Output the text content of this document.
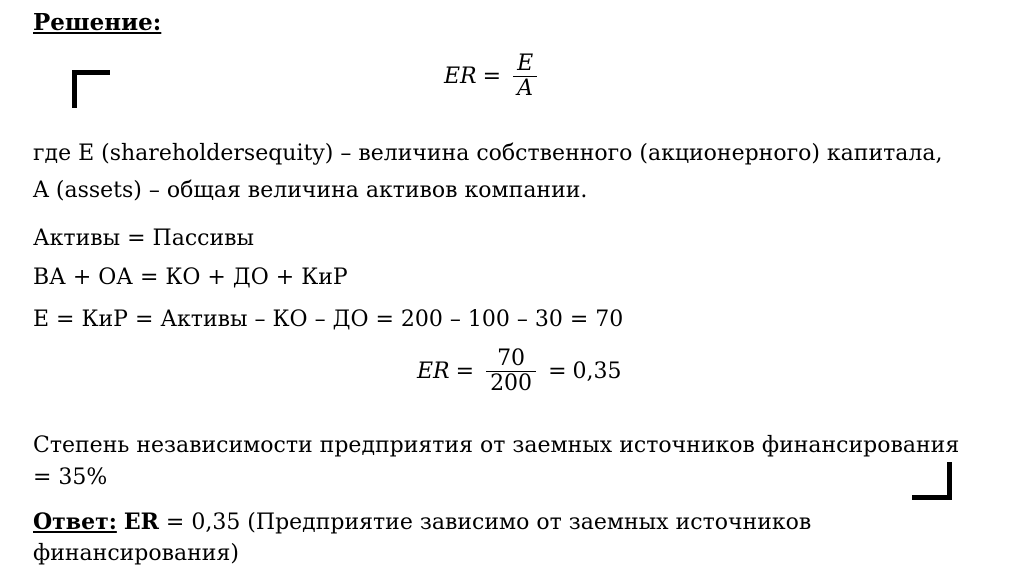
Решение:
ER = $\frac{E}{A}$
где E (shareholdersequity) – величина собственного (акционерного) капитала,
A (assets) – общая величина активов компании.
Активы = Пассивы
ВА + ОА = КО + ДО + КиР
Е = КиР = Активы – КО – ДО = 200 – 100 – 30 = 70
ER = $\frac{70}{200} = 0,35$
Степень независимости предприятия от заемных источников финансирования
= 35%
Ответ: ER = 0,35 (Предприятие зависимо от заемных источников
финансирования)
